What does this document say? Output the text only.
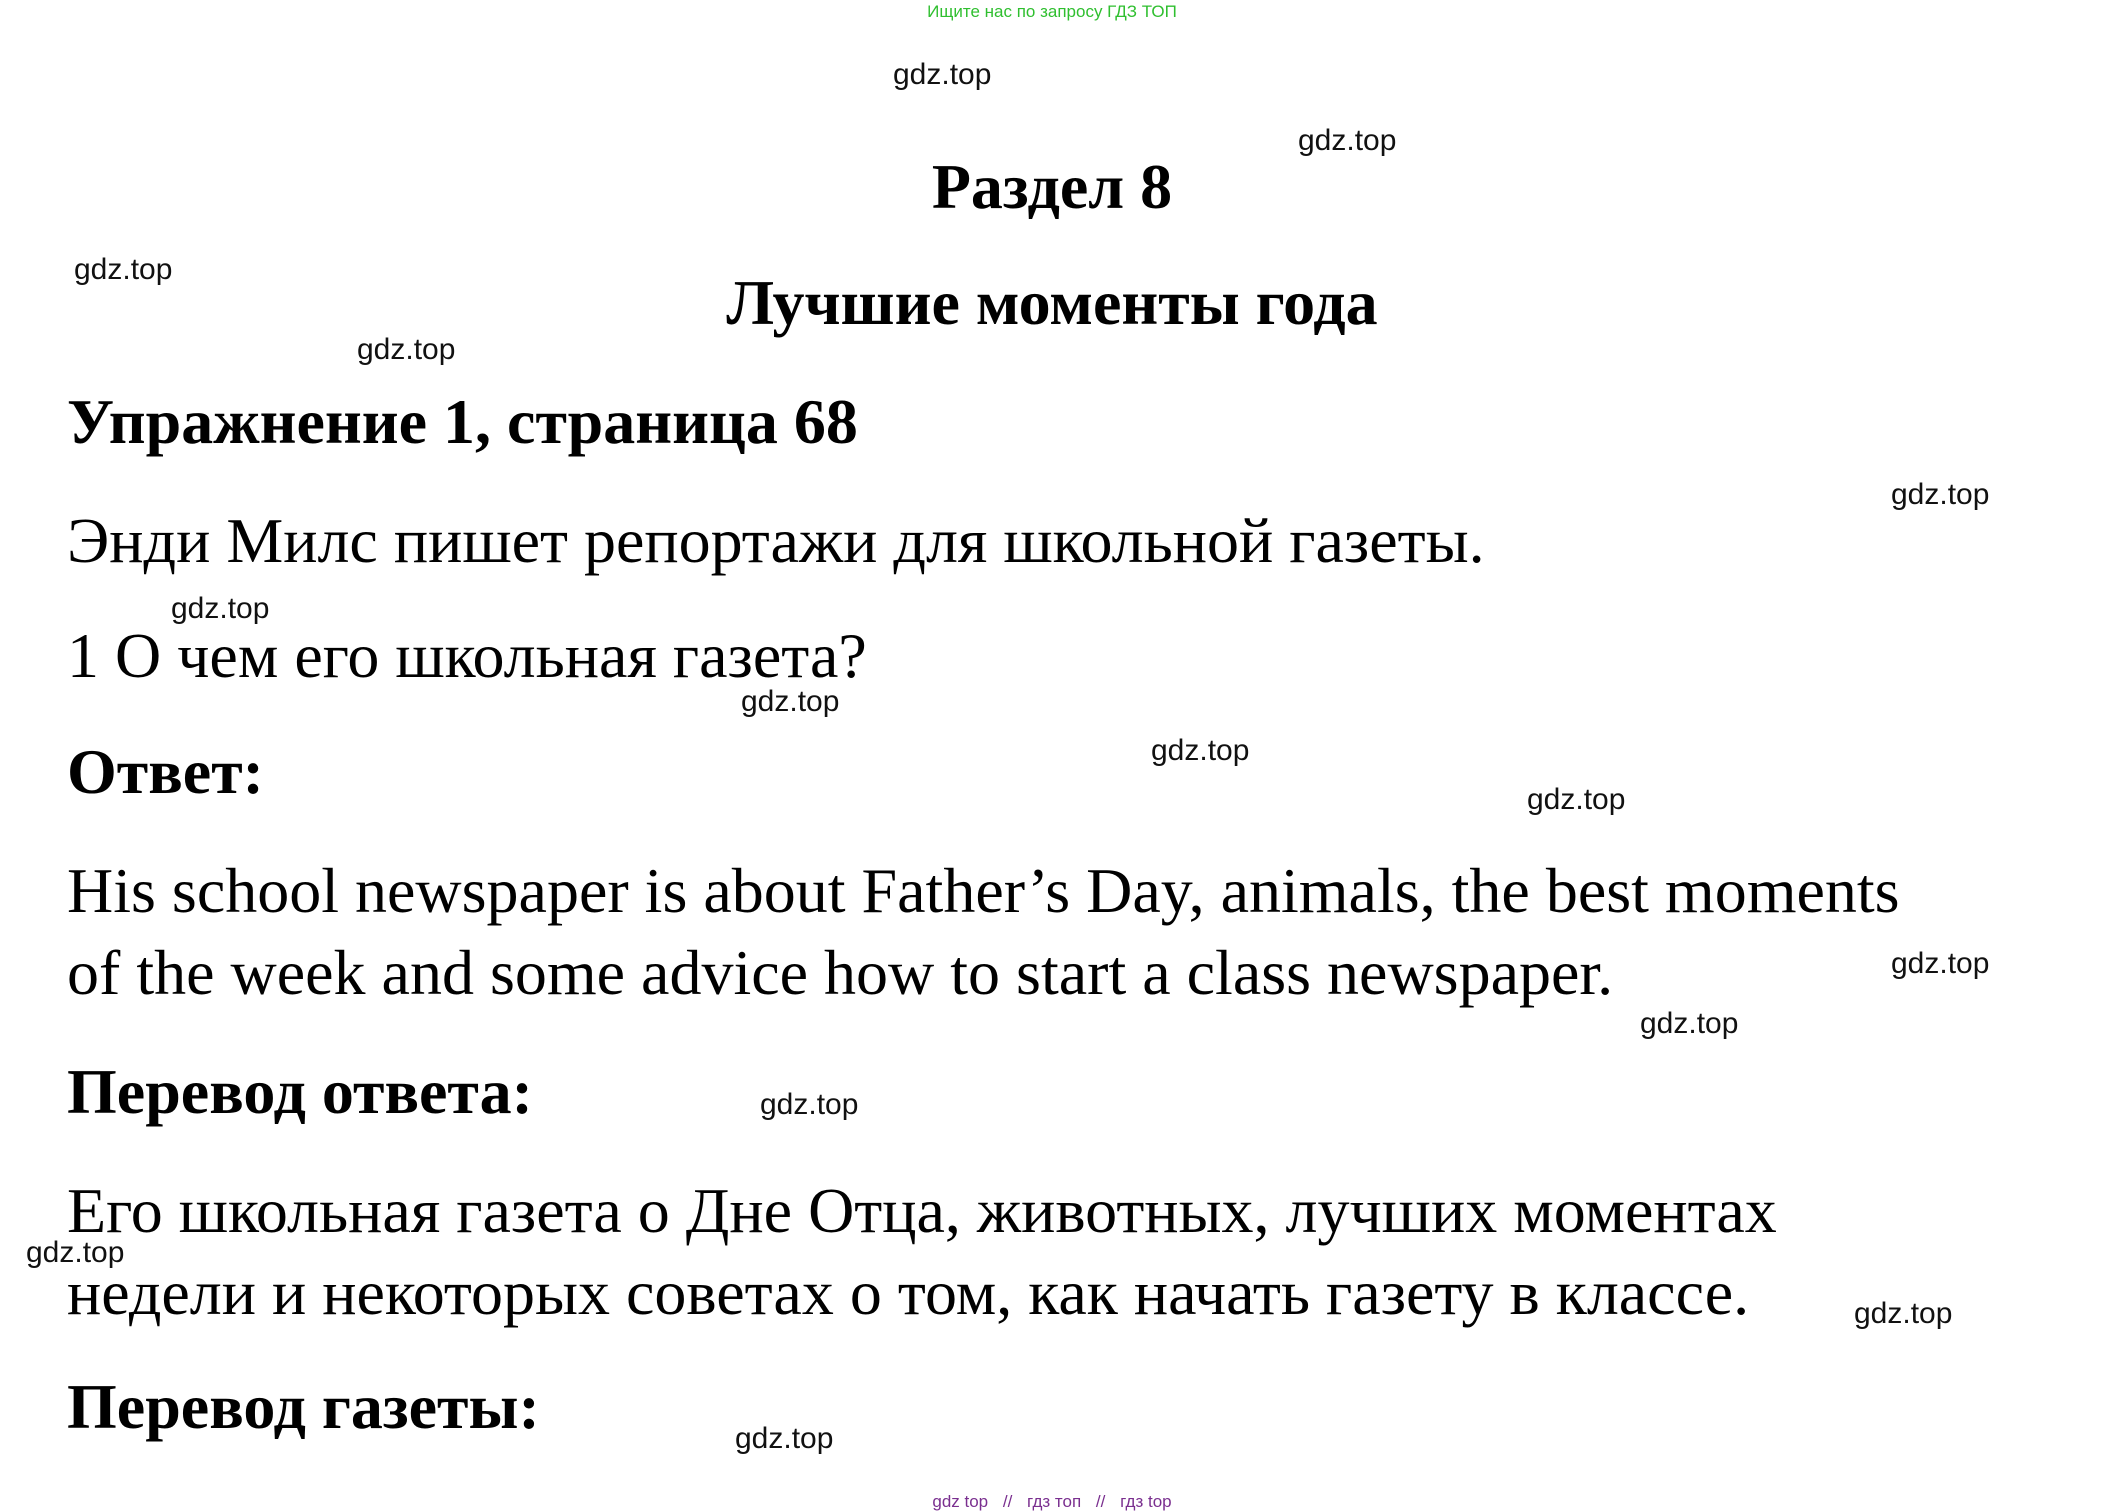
Ищите нас по запросу ГДЗ ТОП
Раздел 8
Лучшие моменты года
Упражнение 1, страница 68
Энди Милс пишет репортажи для школьной газеты.
1 О чем его школьная газета?
Ответ:
His school newspaper is about Father’s Day, animals, the best moments
of the week and some advice how to start a class newspaper.
Перевод ответа:
Его школьная газета о Дне Отца, животных, лучших моментах
недели и некоторых советах о том, как начать газету в классе.
Перевод газеты:
gdz.top
gdz.top
gdz.top
gdz.top
gdz.top
gdz.top
gdz.top
gdz.top
gdz.top
gdz.top
gdz.top
gdz.top
gdz.top
gdz.top
gdz.top
gdz top // гдз топ // гдз top
